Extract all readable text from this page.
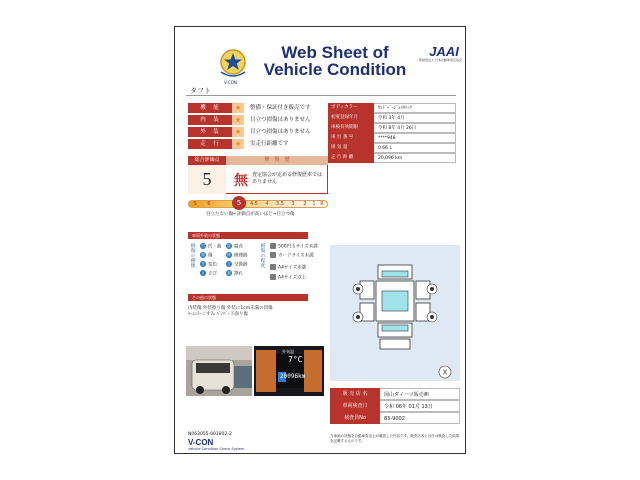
V-CON
Web Sheet of
Vehicle Condition
JAAI
一般財団法人 日本自動車査定協会
タフト
機　能	★	整備・保証付き販売です
内　装	★	目立つ損傷はありません
外　装	★	目立つ損傷はありません
走　行	★	実走行距離です
ボディカラー	ｻﾝﾄﾞﾍﾞｰｼﾞｭﾒﾀﾘｯｸ
初度登録年月	令和 3年 4月
車検有効期限	令和 8年 4月 26日
車 台 番 号	****948
排 気 量	0.66 L
走 行 距 離	20,096 km
総合評価点	修　復　歴
5	無 査定協会が定める修復歴車ではありません
S	6	5	4.5	4	3.5	3	2	1 R
目立たない傷←評価点が高いほど→目立つ傷
車両外装の状態
損傷の種類
凹 凹・曲
傷 傷
変 変色
さ さび
腐 腐食
修 修理跡
交 交換跡
割 割れ
損傷の程度
500円玉サイズ未満
カードサイズ未満
A4サイズ未満
A4サイズ以上
その他の状態
内装傷 外装擦り傷 外装に1cm未満の凹傷
ﾙｰﾑﾐﾗｰくすみ ﾊﾞﾝﾊﾟｰ下面り傷
X
外気温
7°C
20096km
販 売 店 名	岡山ダイハツ販売㈱
車両検査日	令和 06年 01月 13日
検査員No	83-9002
N063055-001802-2
V-CON
Vehicle Condition Check System
当車両の状態を自動車査定士が確認した内容です。販売店名と日付は検査した結果を記載するものです。
